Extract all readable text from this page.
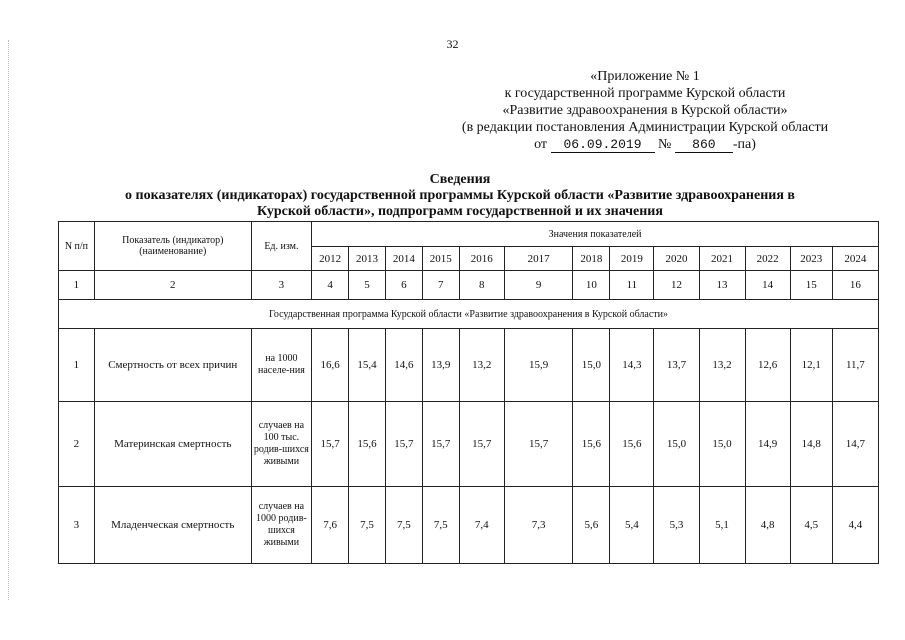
32
«Приложение № 1
к государственной программе Курской области
«Развитие здравоохранения в Курской области»
(в редакции постановления Администрации Курской области
от 06.09.2019 № 860 -па)
Сведения
о показателях (индикаторах) государственной программы Курской области «Развитие здравоохранения в
Курской области», подпрограмм государственной и их значения
N п/п	Показатель (индикатор) (наименование)	Ед. изм.	Значения показателей												
			2012	2013	2014	2015	2016	2017	2018	2019	2020	2021	2022	2023	2024
1	2	3	4	5	6	7	8	9	10	11	12	13	14	15	16
Государственная программа Курской области «Развитие здравоохранения в Курской области»															
1	Смертность от всех причин	на 1000 населе-ния	16,6	15,4	14,6	13,9	13,2	15,9	15,0	14,3	13,7	13,2	12,6	12,1	11,7
2	Материнская смертность	случаев на 100 тыс. родив-шихся живыми	15,7	15,6	15,7	15,7	15,7	15,7	15,6	15,6	15,0	15,0	14,9	14,8	14,7
3	Младенческая смертность	случаев на 1000 родив-шихся живыми	7,6	7,5	7,5	7,5	7,4	7,3	5,6	5,4	5,3	5,1	4,8	4,5	4,4
